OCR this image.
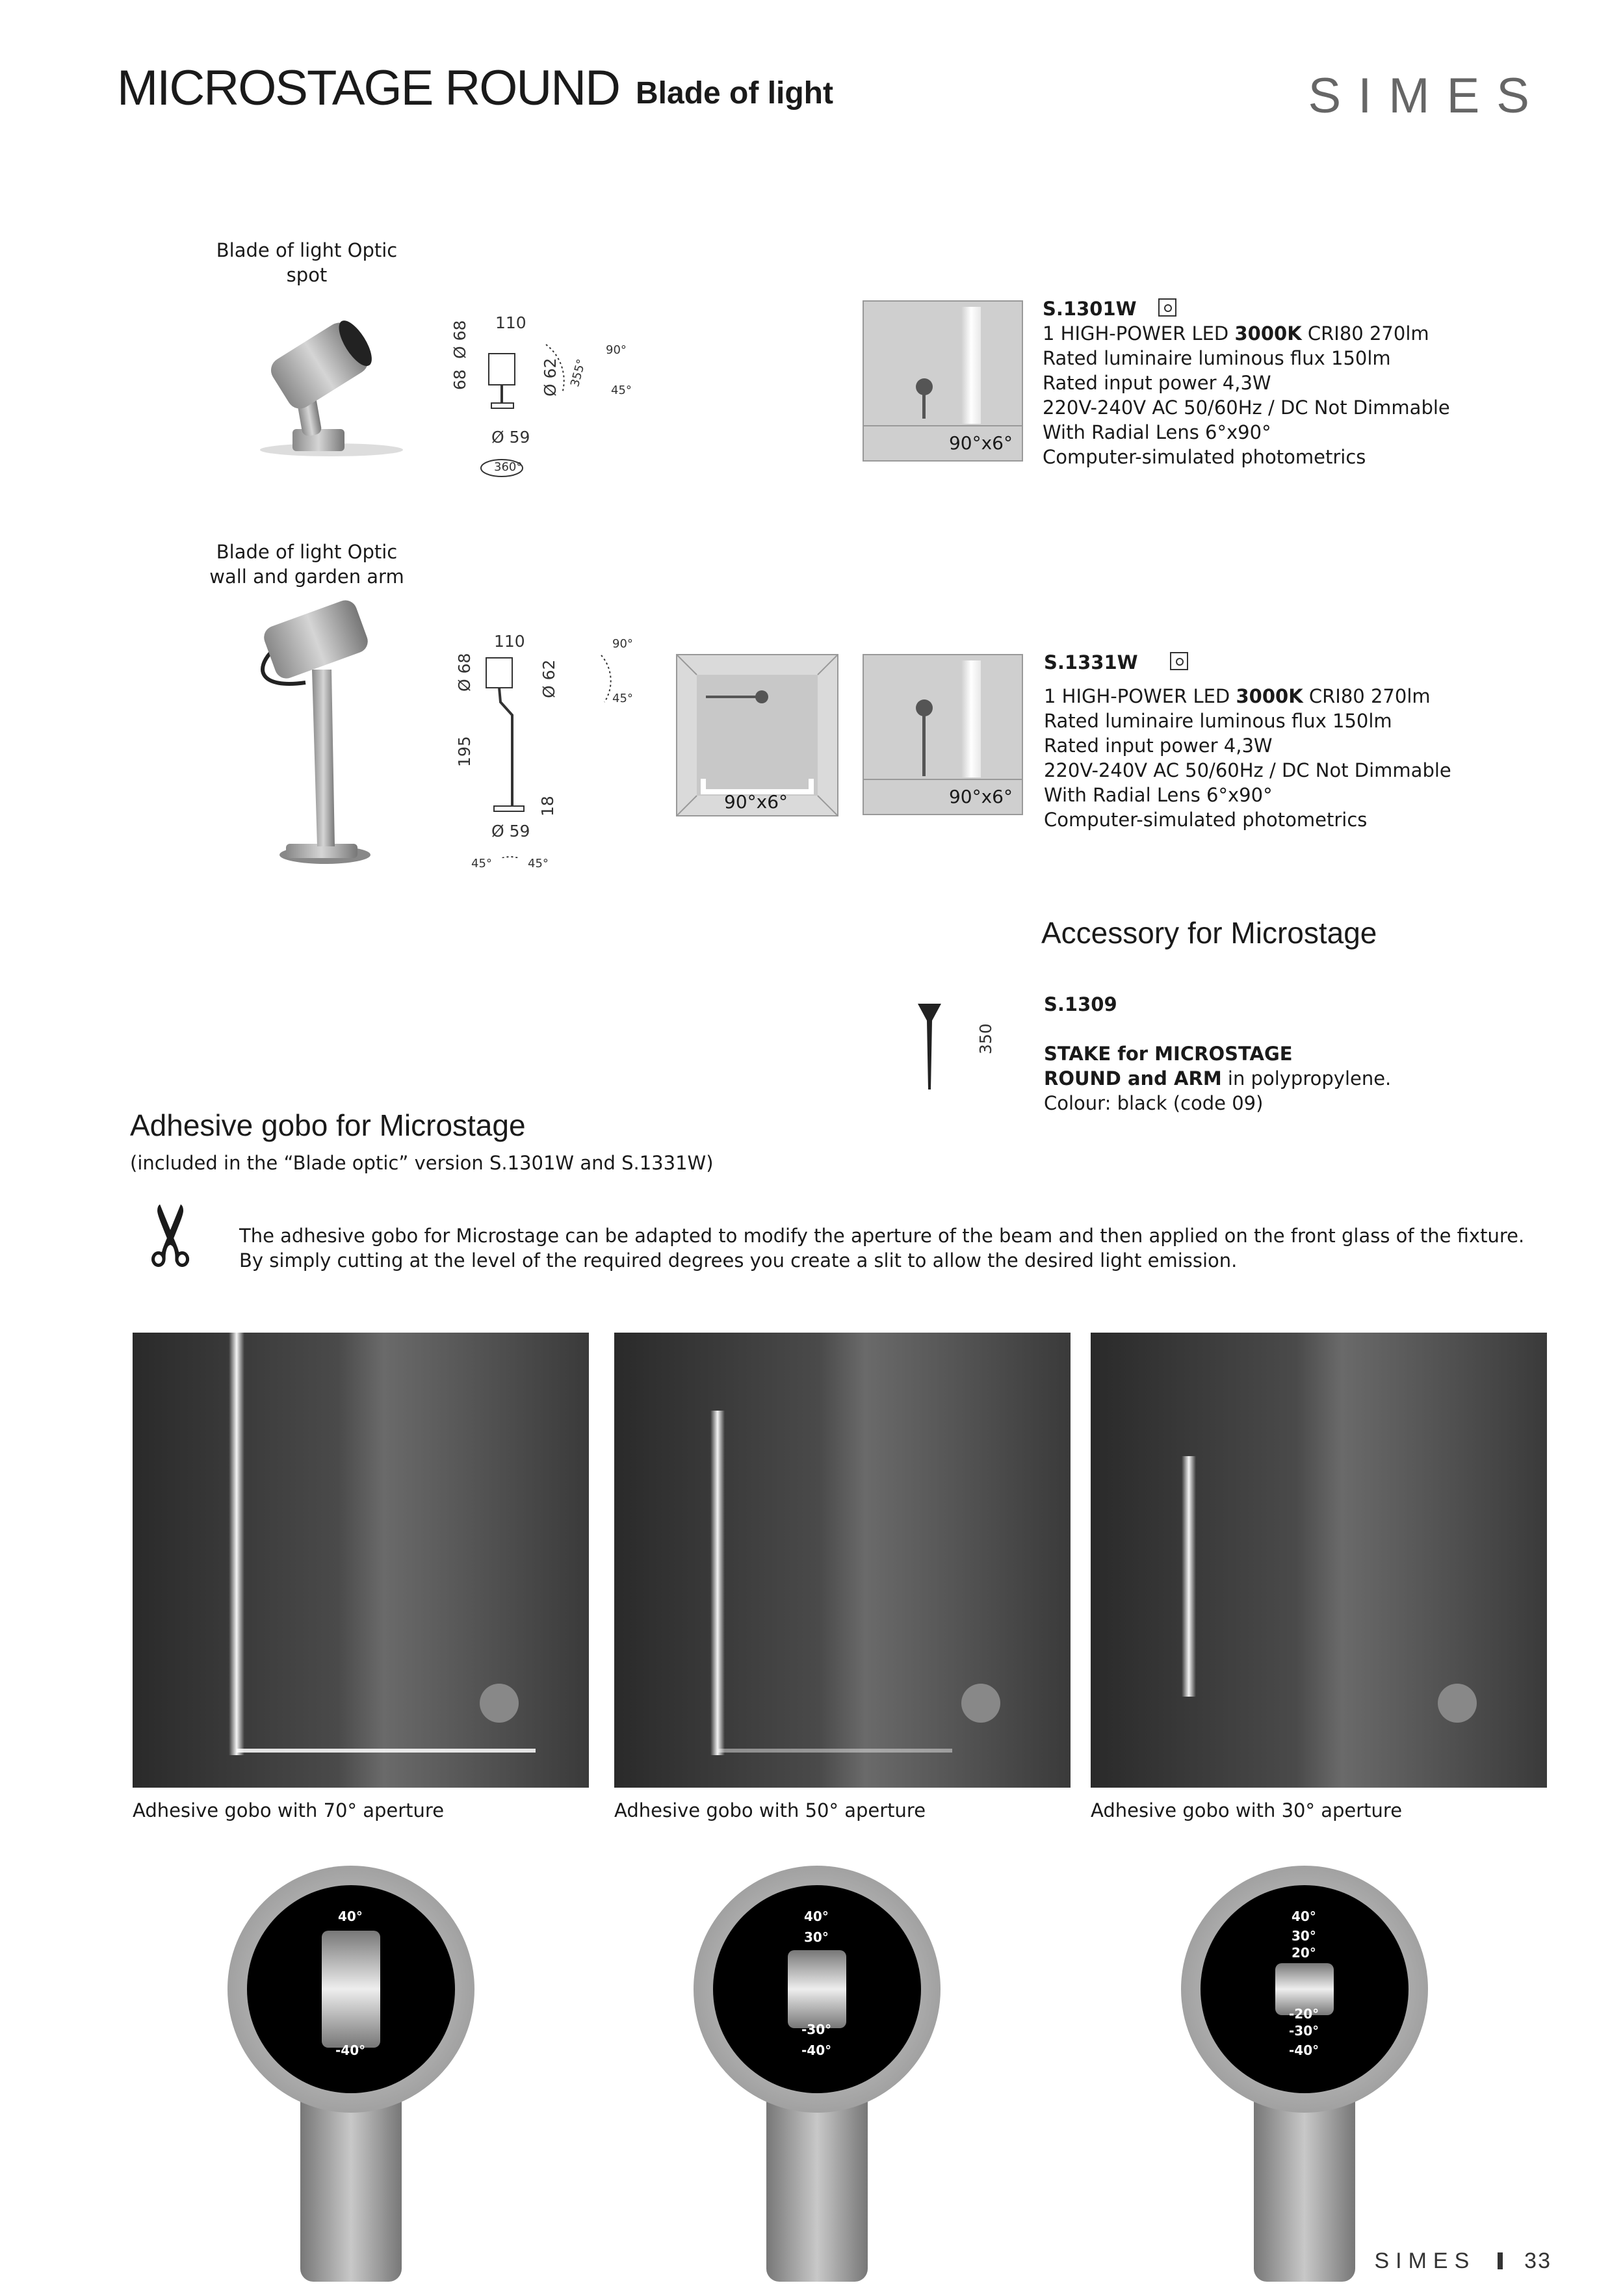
MICROSTAGE ROUND Blade of light	SIMES
Blade of light Optic
spot
110
68
Ø 68
Ø 62 355°
90°
45°
Ø 59
360°
90°x6°
S.1301W
1 HIGH-POWER LED 3000K CRI80 270lm
Rated luminaire luminous flux 150lm
Rated input power 4,3W
220V-240V AC 50/60Hz / DC Not Dimmable
With Radial Lens 6°x90°
Computer-simulated photometrics
Blade of light Optic
wall and garden arm
110
Ø 68	Ø 62
195
18
90°
45°
Ø 59
45°	45°
90°x6°	90°x6°
S.1331W
1 HIGH-POWER LED 3000K CRI80 270lm
Rated luminaire luminous flux 150lm
Rated input power 4,3W
220V-240V AC 50/60Hz / DC Not Dimmable
With Radial Lens 6°x90°
Computer-simulated photometrics
Accessory for Microstage
350
S.1309
STAKE for MICROSTAGE
ROUND and ARM in polypropylene.
Colour: black (code 09)
Adhesive gobo for Microstage
(included in the “Blade optic” version S.1301W and S.1331W)
✂ The adhesive gobo for Microstage can be adapted to modify the aperture of the beam and then applied on the front glass of the fixture.
By simply cutting at the level of the required degrees you create a slit to allow the desired light emission.
Adhesive gobo with 70° aperture	Adhesive gobo with 50° aperture	Adhesive gobo with 30° aperture
40°
-40°
40°
30°
-30°
-40°
40°
30°
20°
-20°
-30°
-40°
SIMES 33
